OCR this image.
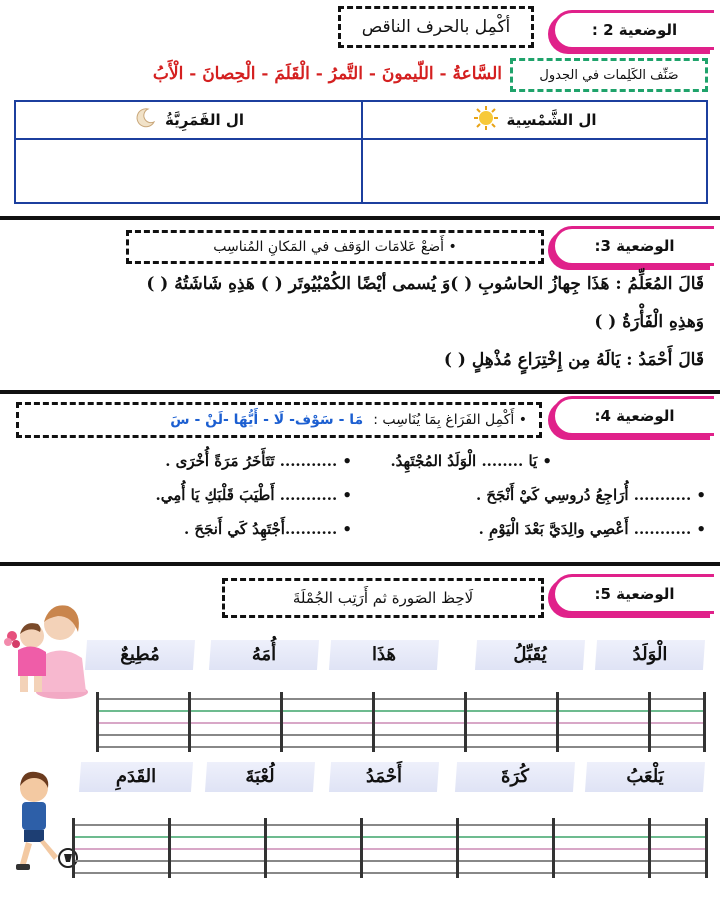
الوضعية 2 :
أكْمِل بالحرف الناقص
صَنِّف الكَلِمات في الجدول
السَّاعةُ - اللّيمونَ - التَّمرُ - الْقَلَمَ - الْحِصانَ - الْأَبُ
ال الشَّمْسِية
ال القَمَرِيَّةُ
الوضعية 3:
• أَضعْ عَلامَات الوَقف في المَكانِ المُناسِب
قَالَ المُعَلِّمُ : هَذَا جِهازُ الحاسُوبِ ( )وَ يُسمى أيْضًا الكُمْبُيُوتَر ( ) هَذِهِ شَاشَتُهُ ( )
وَهذِهِ الْفَأْرَةُ ( )
قَالَ أَحْمَدُ : يَالَهُ مِن إِخْتِرَاعٍ مُذْهِلٍ ( )
الوضعية 4:
• أَكْمِل الفَرَاغ بِمَا يُنَاسِب :
مَا - سَوْف- لَا - أَيُّهَا -لَنْ - سَ
• يَا ........ الْوَلَدُ المُجْتَهِدُ.
• ........... أُرَاجِعُ دُروسِي كَيْ أَنْجَحَ .
• ........... أَعْصِي والِدَيَّ بَعْدَ الْيَوْمِ .
• ........... تَتَأَخَرُ مَرَةً أُخْرَى .
• ........... أَطْيَبَ قَلْبَكِ يَا أُمِي.
• ..........أَجْتَهِدُ كَي أَنجَحَ .
الوضعية 5:
لَاحِظ الصَورة ثم أَرَتِب الجُمْلَةَ
الْوَلَدُ
يُقَبِّلُ
هَذَا
أُمَهُ
مُطِيعٌ
يَلْعَبُ
كُرَةَ
أَحْمَدُ
لُعْبَةَ
القَدَمِ
